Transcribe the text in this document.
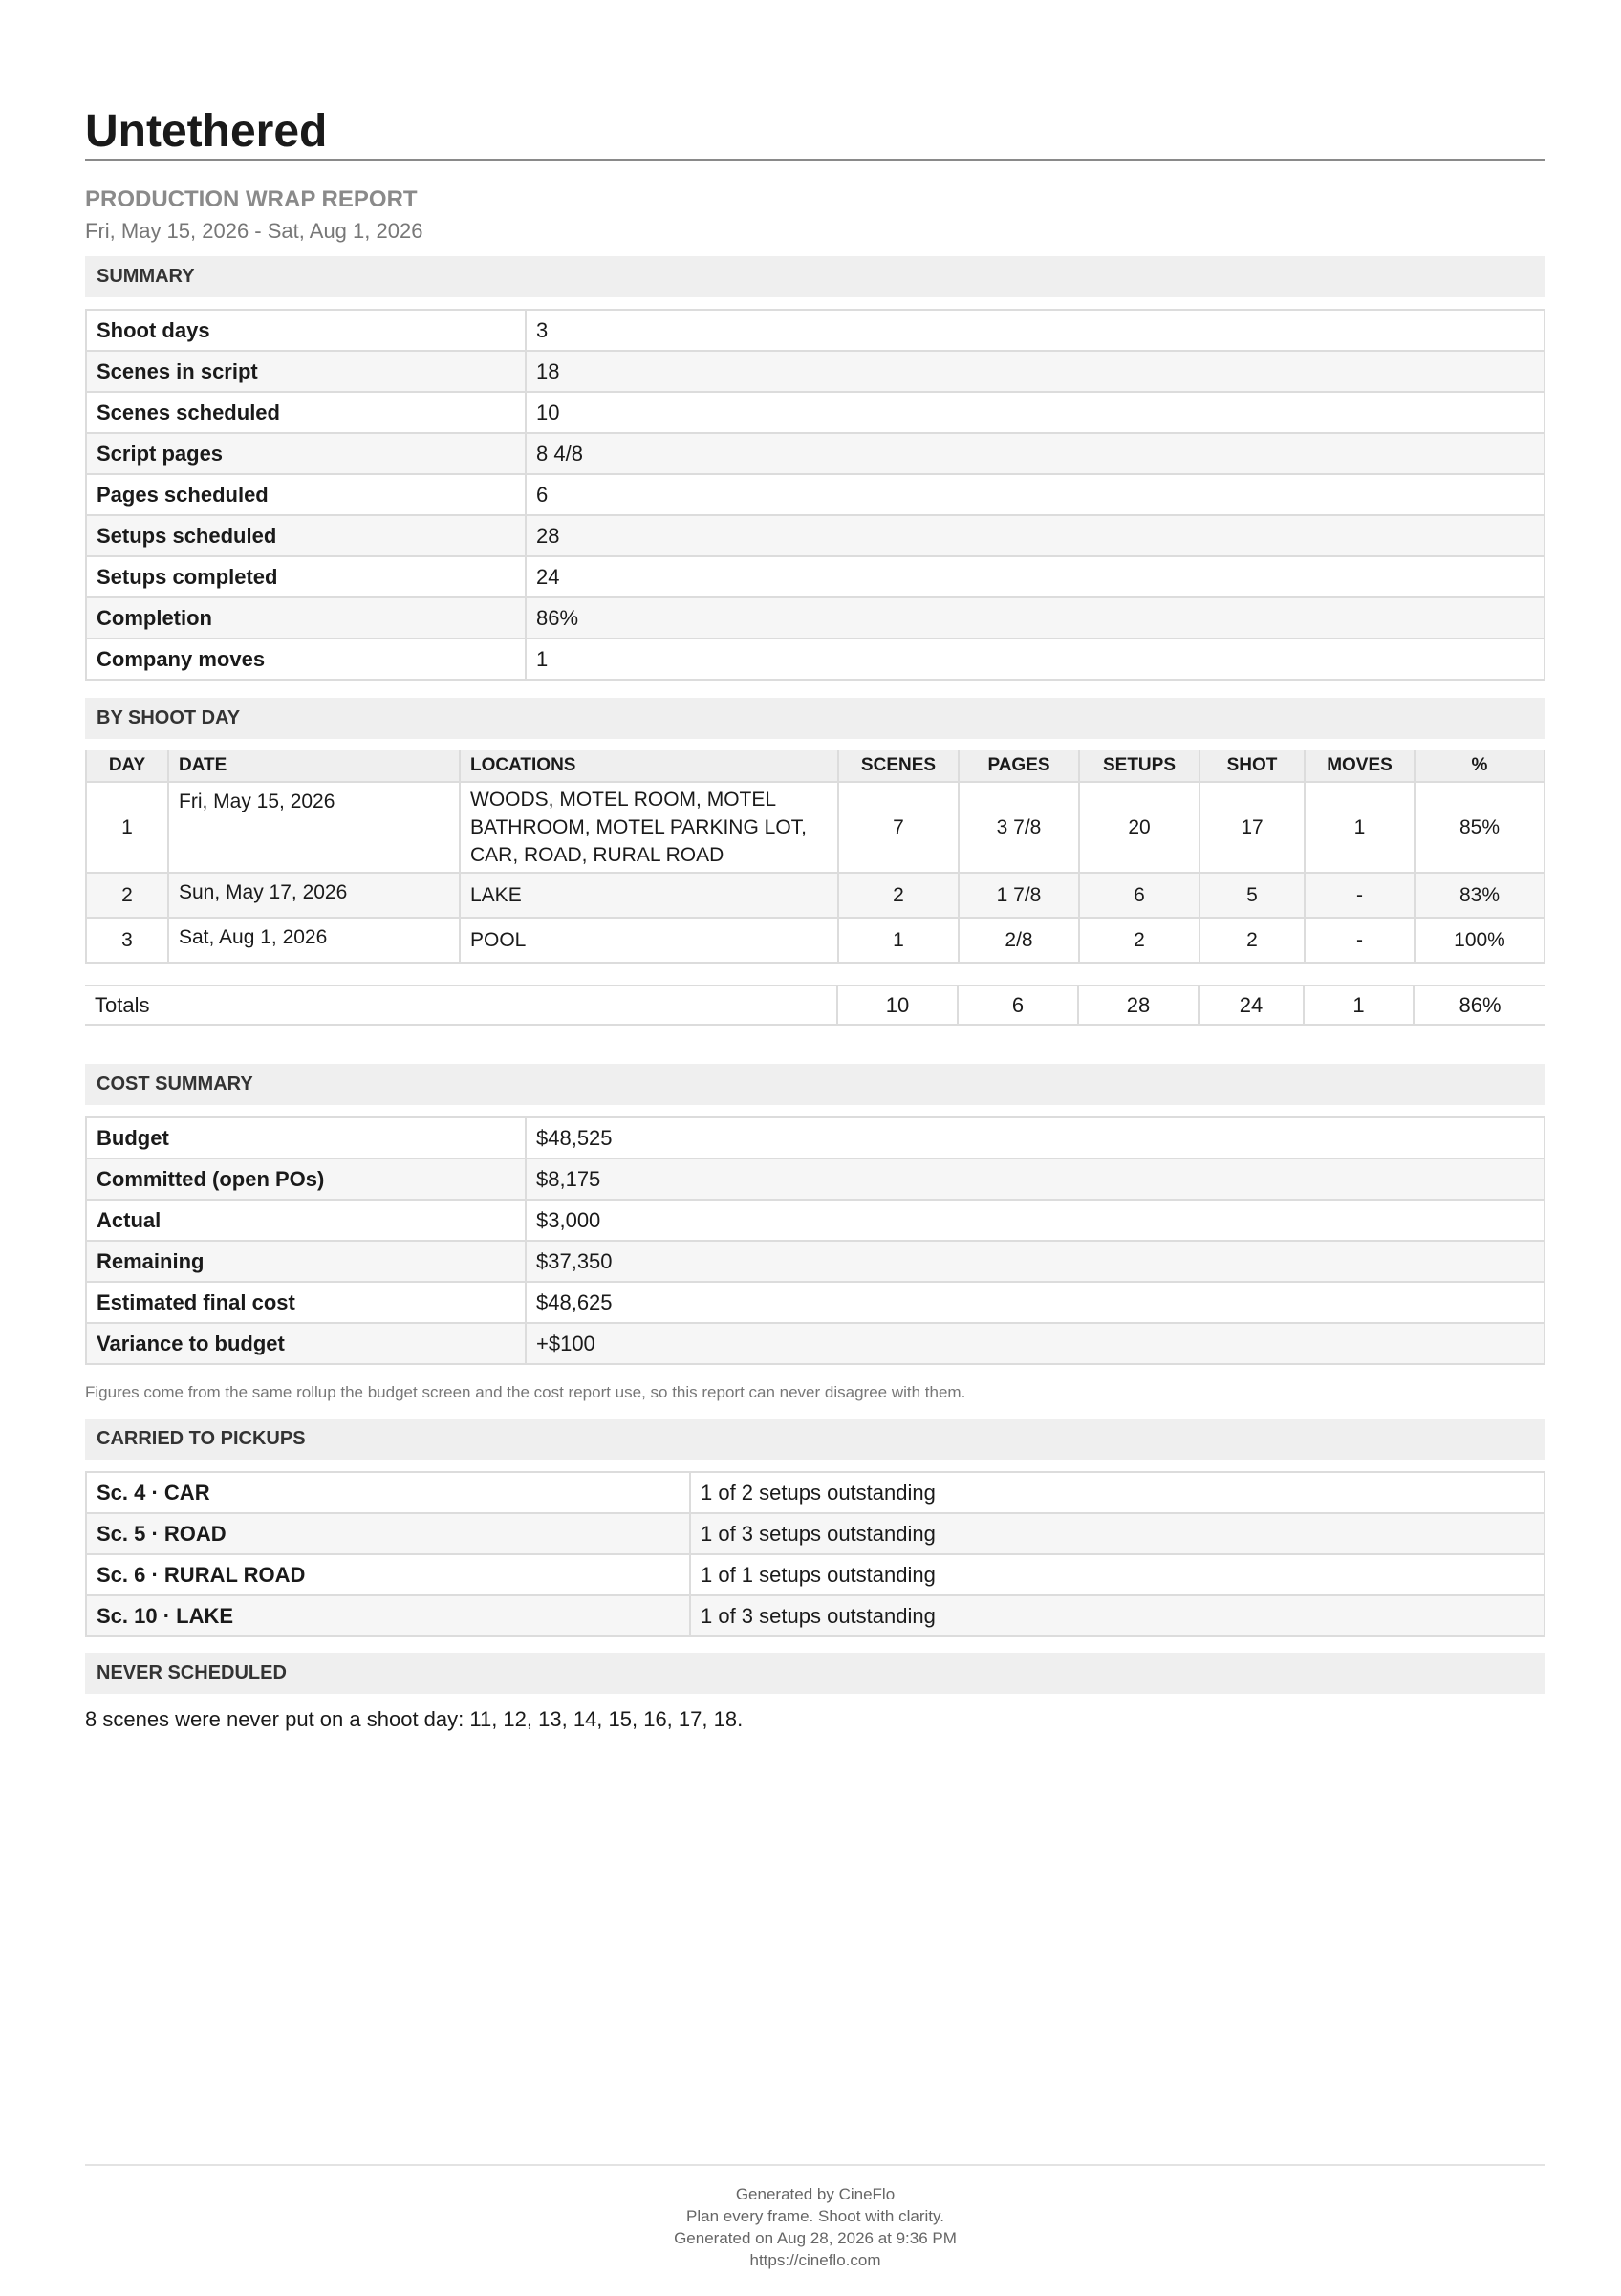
Untethered
PRODUCTION WRAP REPORT
Fri, May 15, 2026 - Sat, Aug 1, 2026
SUMMARY
Shoot days	3
Scenes in script	18
Scenes scheduled	10
Script pages	8 4/8
Pages scheduled	6
Setups scheduled	28
Setups completed	24
Completion	86%
Company moves	1
BY SHOOT DAY
DAY	DATE	LOCATIONS	SCENES	PAGES	SETUPS	SHOT	MOVES	%
1	Fri, May 15, 2026	WOODS, MOTEL ROOM, MOTEL BATHROOM, MOTEL PARKING LOT, CAR, ROAD, RURAL ROAD	7	3 7/8	20	17	1	85%
2	Sun, May 17, 2026	LAKE	2	1 7/8	6	5	-	83%
3	Sat, Aug 1, 2026	POOL	1	2/8	2	2	-	100%
Totals	10	6	28	24	1	86%
COST SUMMARY
Budget	$48,525
Committed (open POs)	$8,175
Actual	$3,000
Remaining	$37,350
Estimated final cost	$48,625
Variance to budget	+$100
Figures come from the same rollup the budget screen and the cost report use, so this report can never disagree with them.
CARRIED TO PICKUPS
Sc. 4 · CAR	1 of 2 setups outstanding
Sc. 5 · ROAD	1 of 3 setups outstanding
Sc. 6 · RURAL ROAD	1 of 1 setups outstanding
Sc. 10 · LAKE	1 of 3 setups outstanding
NEVER SCHEDULED
8 scenes were never put on a shoot day: 11, 12, 13, 14, 15, 16, 17, 18.
Generated by CineFlo
Plan every frame. Shoot with clarity.
Generated on Aug 28, 2026 at 9:36 PM
https://cineflo.com
